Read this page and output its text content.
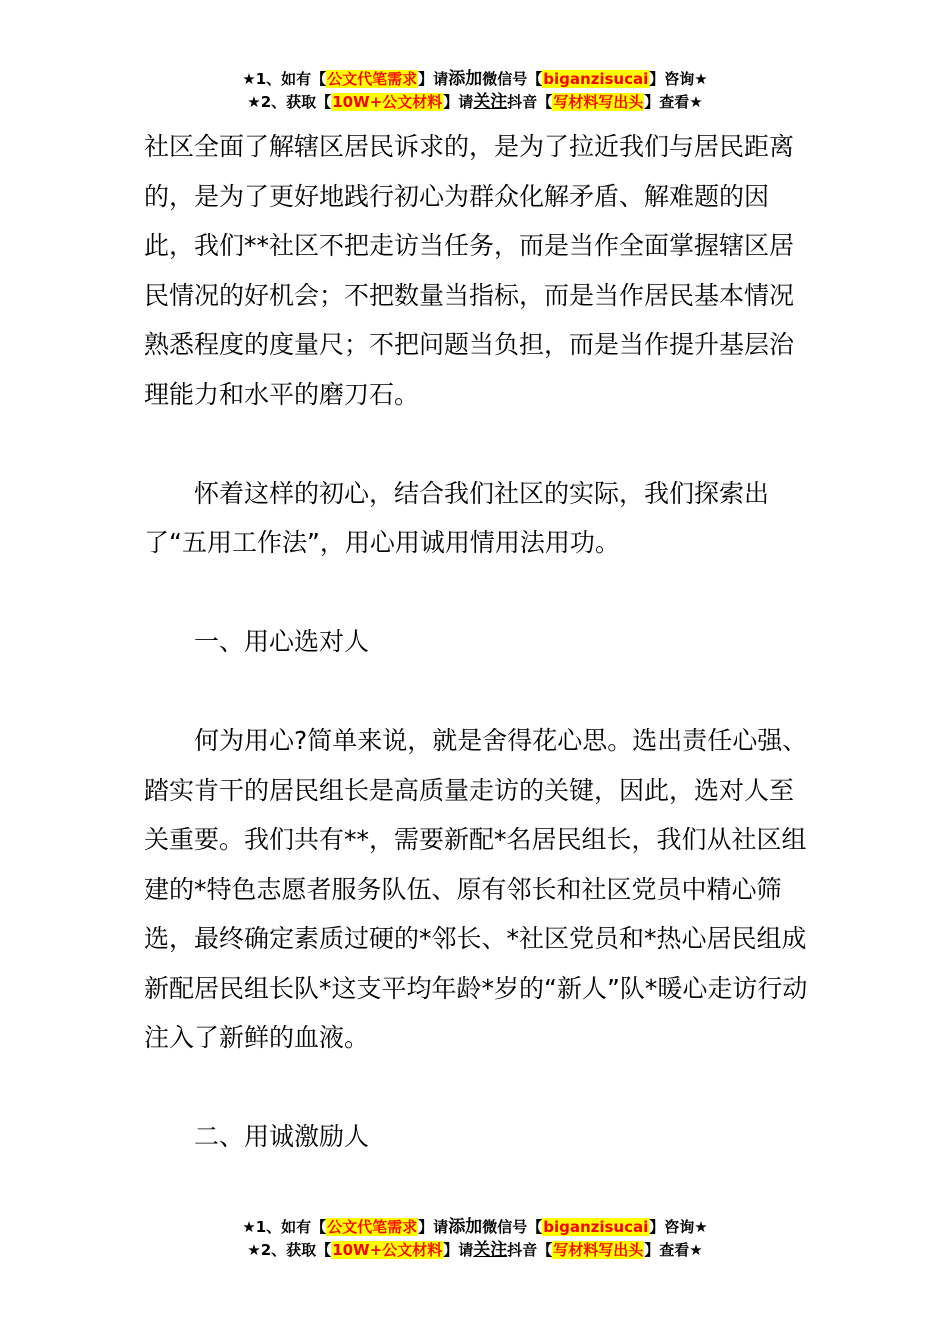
★1、如有【公文代笔需求】请添加微信号【biganzisucai】咨询★
★2、获取【10W+公文材料】请关注抖音【写材料写出头】查看★

社区全面了解辖区居民诉求的，是为了拉近我们与居民距离的，是为了更好地践行初心为群众化解矛盾、解难题的因此，我们**社区不把走访当任务，而是当作全面掌握辖区居民情况的好机会；不把数量当指标，而是当作居民基本情况熟悉程度的度量尺；不把问题当负担，而是当作提升基层治理能力和水平的磨刀石。

怀着这样的初心，结合我们社区的实际，我们探索出了“五用工作法”，用心用诚用情用法用功。

一、用心选对人

何为用心?简单来说，就是舍得花心思。选出责任心强、踏实肯干的居民组长是高质量走访的关键，因此，选对人至关重要。我们共有**，需要新配*名居民组长，我们从社区组建的*特色志愿者服务队伍、原有邻长和社区党员中精心筛选，最终确定素质过硬的*邻长、*社区党员和*热心居民组成新配居民组长队*这支平均年龄*岁的“新人”队*暖心走访行动注入了新鲜的血液。

二、用诚激励人

★1、如有【公文代笔需求】请添加微信号【biganzisucai】咨询★
★2、获取【10W+公文材料】请关注抖音【写材料写出头】查看★
